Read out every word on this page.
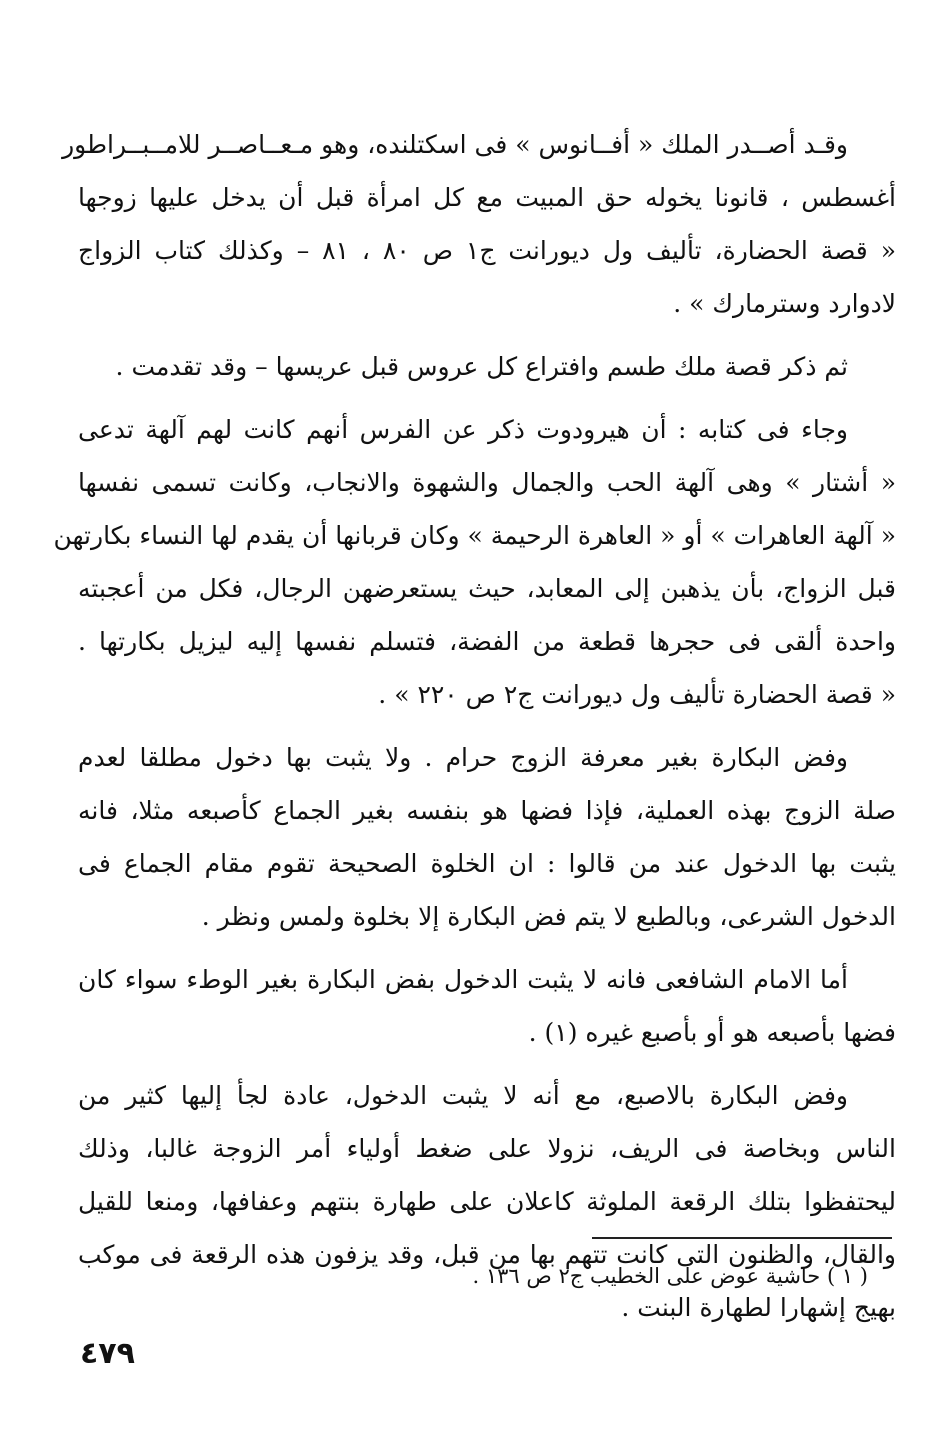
وقـد أصــدر الملك « أفــانوس » فى اسكتلنده، وهو مـعــاصــر للامــبــراطور
أغسطس ، قانونا يخوله حق المبيت مع كل امرأة قبل أن يدخل عليها زوجها
« قصة الحضارة، تأليف ول ديورانت ج١ ص ٨٠ ، ٨١ – وكذلك كتاب الزواج
لادوارد وسترمارك » .
ثم ذكر قصة ملك طسم وافتراع كل عروس قبل عريسها – وقد تقدمت .
وجاء فى كتابه : أن هيرودوت ذكر عن الفرس أنهم كانت لهم آلهة تدعى
« أشتار » وهى آلهة الحب والجمال والشهوة والانجاب، وكانت تسمى نفسها
« آلهة العاهرات » أو « العاهرة الرحيمة » وكان قربانها أن يقدم لها النساء بكارتهن
قبل الزواج، بأن يذهبن إلى المعابد، حيث يستعرضهن الرجال، فكل من أعجبته
واحدة ألقى فى حجرها قطعة من الفضة، فتسلم نفسها إليه ليزيل بكارتها .
« قصة الحضارة تأليف ول ديورانت ج٢ ص ٢٢٠ » .
وفض البكارة بغير معرفة الزوج حرام . ولا يثبت بها دخول مطلقا لعدم
صلة الزوج بهذه العملية، فإذا فضها هو بنفسه بغير الجماع كأصبعه مثلا، فانه
يثبت بها الدخول عند من قالوا : ان الخلوة الصحيحة تقوم مقام الجماع فى
الدخول الشرعى، وبالطبع لا يتم فض البكارة إلا بخلوة ولمس ونظر .
أما الامام الشافعى فانه لا يثبت الدخول بفض البكارة بغير الوطء سواء كان
فضها بأصبعه هو أو بأصبع غيره (١) .
وفض البكارة بالاصبع، مع أنه لا يثبت الدخول، عادة لجأ إليها كثير من
الناس وبخاصة فى الريف، نزولا على ضغط أولياء أمر الزوجة غالبا، وذلك
ليحتفظوا بتلك الرقعة الملوثة كاعلان على طهارة بنتهم وعفافها، ومنعا للقيل
والقال، والظنون التى كانت تتهم بها من قبل، وقد يزفون هذه الرقعة فى موكب
بهيج إشهارا لطهارة البنت .
( ١ ) حاشية عوض على الخطيب ج٢ ص ١٣٦ .
٤٧٩
